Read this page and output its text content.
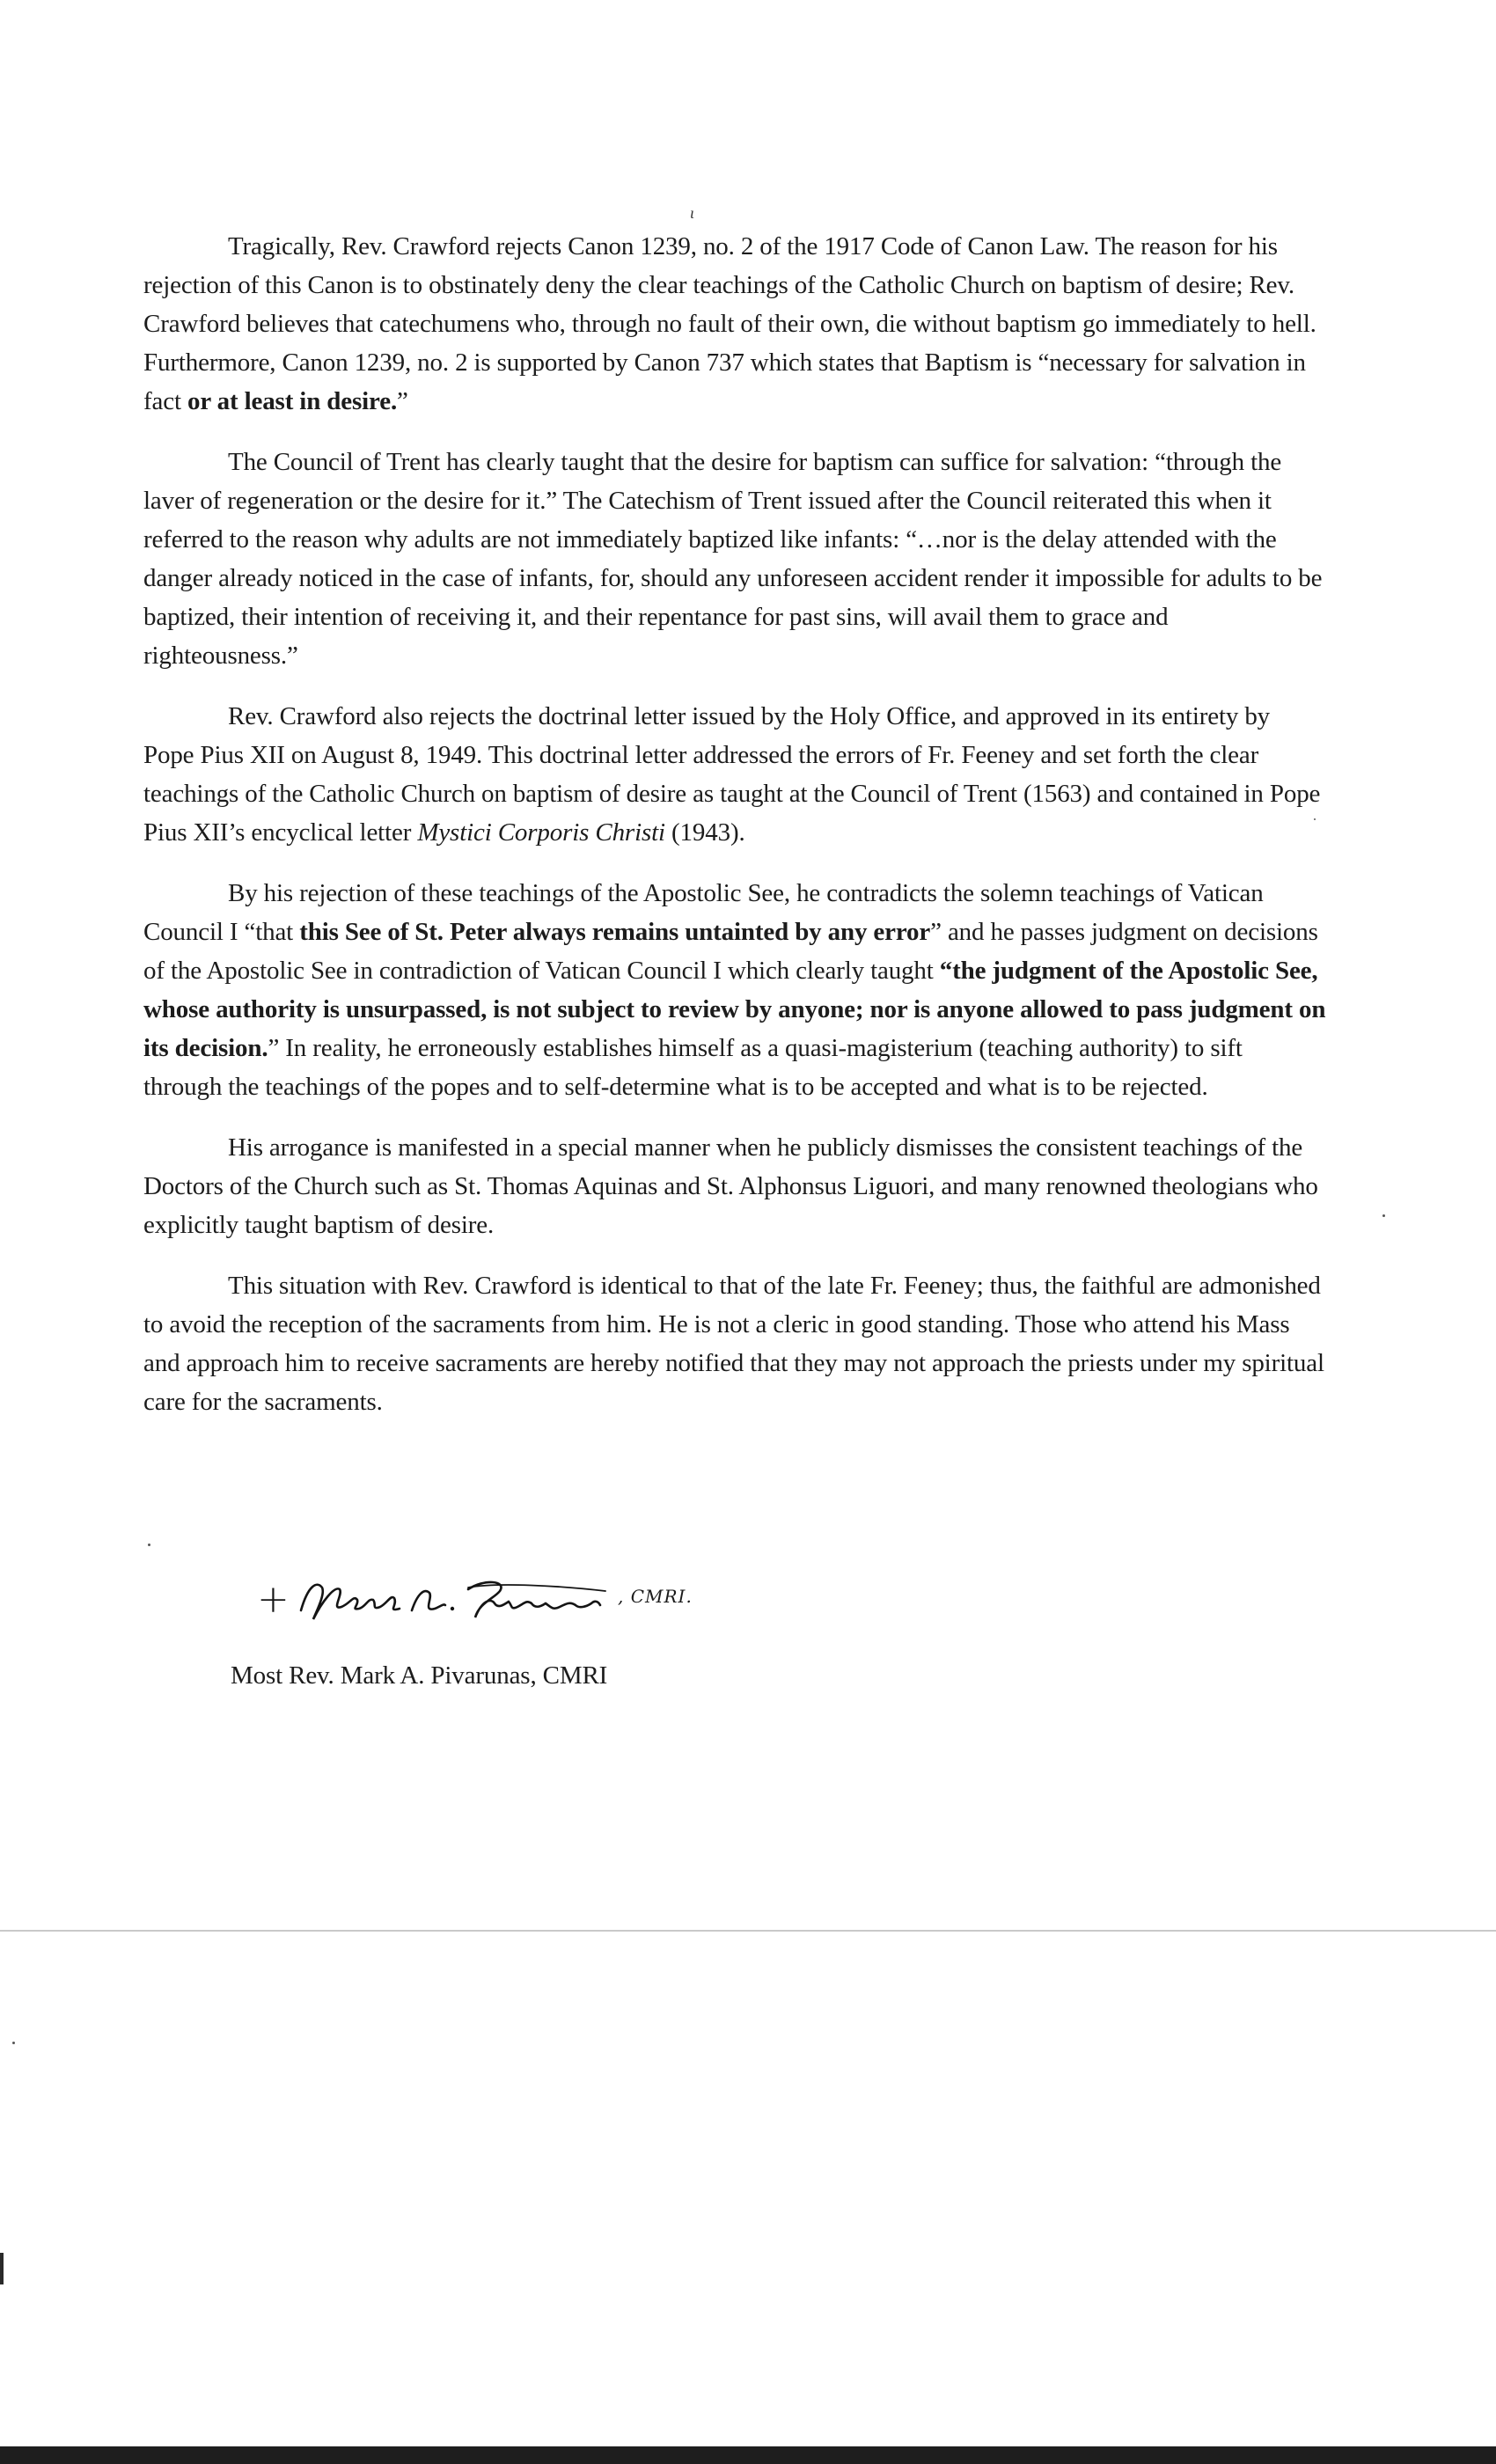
ι

Tragically, Rev. Crawford rejects Canon 1239, no. 2 of the 1917 Code of Canon Law. The reason for his rejection of this Canon is to obstinately deny the clear teachings of the Catholic Church on baptism of desire; Rev. Crawford believes that catechumens who, through no fault of their own, die without baptism go immediately to hell. Furthermore, Canon 1239, no. 2 is supported by Canon 737 which states that Baptism is “necessary for salvation in fact or at least in desire.”

The Council of Trent has clearly taught that the desire for baptism can suffice for salvation: “through the laver of regeneration or the desire for it.” The Catechism of Trent issued after the Council reiterated this when it referred to the reason why adults are not immediately baptized like infants: “…nor is the delay attended with the danger already noticed in the case of infants, for, should any unforeseen accident render it impossible for adults to be baptized, their intention of receiving it, and their repentance for past sins, will avail them to grace and righteousness.”

Rev. Crawford also rejects the doctrinal letter issued by the Holy Office, and approved in its entirety by Pope Pius XII on August 8, 1949. This doctrinal letter addressed the errors of Fr. Feeney and set forth the clear teachings of the Catholic Church on baptism of desire as taught at the Council of Trent (1563) and contained in Pope Pius XII’s encyclical letter Mystici Corporis Christi (1943).

By his rejection of these teachings of the Apostolic See, he contradicts the solemn teachings of Vatican Council I “that this See of St. Peter always remains untainted by any error” and he passes judgment on decisions of the Apostolic See in contradiction of Vatican Council I which clearly taught “the judgment of the Apostolic See, whose authority is unsurpassed, is not subject to review by anyone; nor is anyone allowed to pass judgment on its decision.” In reality, he erroneously establishes himself as a quasi-magisterium (teaching authority) to sift through the teachings of the popes and to self-determine what is to be accepted and what is to be rejected.

His arrogance is manifested in a special manner when he publicly dismisses the consistent teachings of the Doctors of the Church such as St. Thomas Aquinas and St. Alphonsus Liguori, and many renowned theologians who explicitly taught baptism of desire.

This situation with Rev. Crawford is identical to that of the late Fr. Feeney; thus, the faithful are admonished to avoid the reception of the sacraments from him. He is not a cleric in good standing. Those who attend his Mass and approach him to receive sacraments are hereby notified that they may not approach the priests under my spiritual care for the sacraments.

+	, CMRI.
Most Rev. Mark A. Pivarunas, CMRI
